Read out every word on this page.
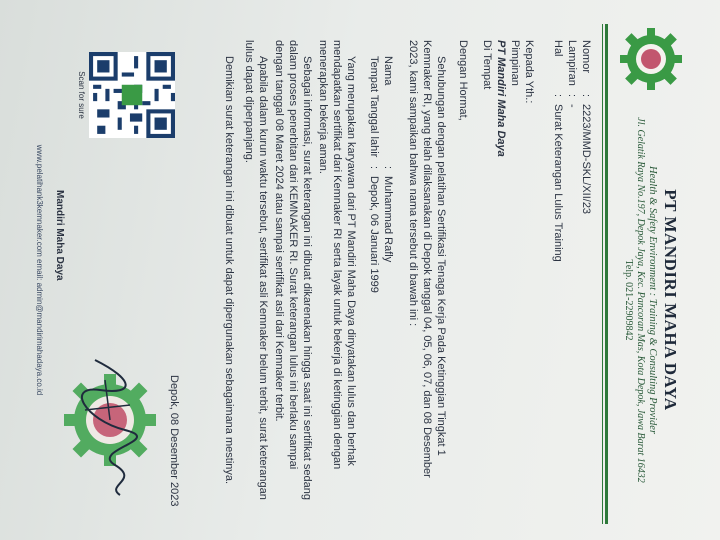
PT MANDIRI MAHA DAYA
Health & Safety Environment : Training & Consulting Provider
Jl. Gelatik Raya No.197, Depok Jaya, Kec. Pancoran Mas, Kota Depok, Jawa Barat 16432
Telp. 021-22909842
Nomor:2223/MMD-SKL/XII/23
Lampiran:-
Hal:Surat Keterangan Lulus Training

Kepada Yth.:

Pimpinan

PT Mandiri Maha Daya

Di Tempat

Dengan Hormat,

Sehubungan dengan pelatihan Sertifikasi Tenaga Kerja Pada Ketinggian Tingkat 1 Kemnaker RI, yang telah dilaksanakan di Depok tanggal 04, 05, 06, 07, dan 08 Desember 2023, kami sampaikan bahwa nama tersebut di bawah ini :

Nama:Muhammad Rafly
Tempat Tanggal lahir:Depok, 06 Januari 1999

Yang merupakan karyawan dari PT Mandiri Maha Daya dinyatakan lulus dan berhak mendapatkan sertifikat dari Kemnaker RI serta layak untuk bekerja di ketinggian dengan menerapkan bekerja aman.

Sebagai informasi, surat keterangan ini dibuat dikarenakan hingga saat ini sertifikat sedang dalam proses penerbitan dari KEMNAKER RI. Surat keterangan lulus ini berlaku sampai dengan tanggal 08 Maret 2024 atau sampai sertifikat asli dari Kemnaker terbit.

Apabila dalam kurun waktu tersebut, sertifikat asli Kemnaker belum terbit, surat keterangan lulus dapat diperpanjang.

Demikian surat keterangan ini dibuat untuk dapat dipergunakan sebagaimana mestinya.

Depok, 08 Desember 2023
Scan for sure
Mandiri Maha Daya
www.pelatihank3kemnaker.com email: admin@mandirimahadaya.co.id
